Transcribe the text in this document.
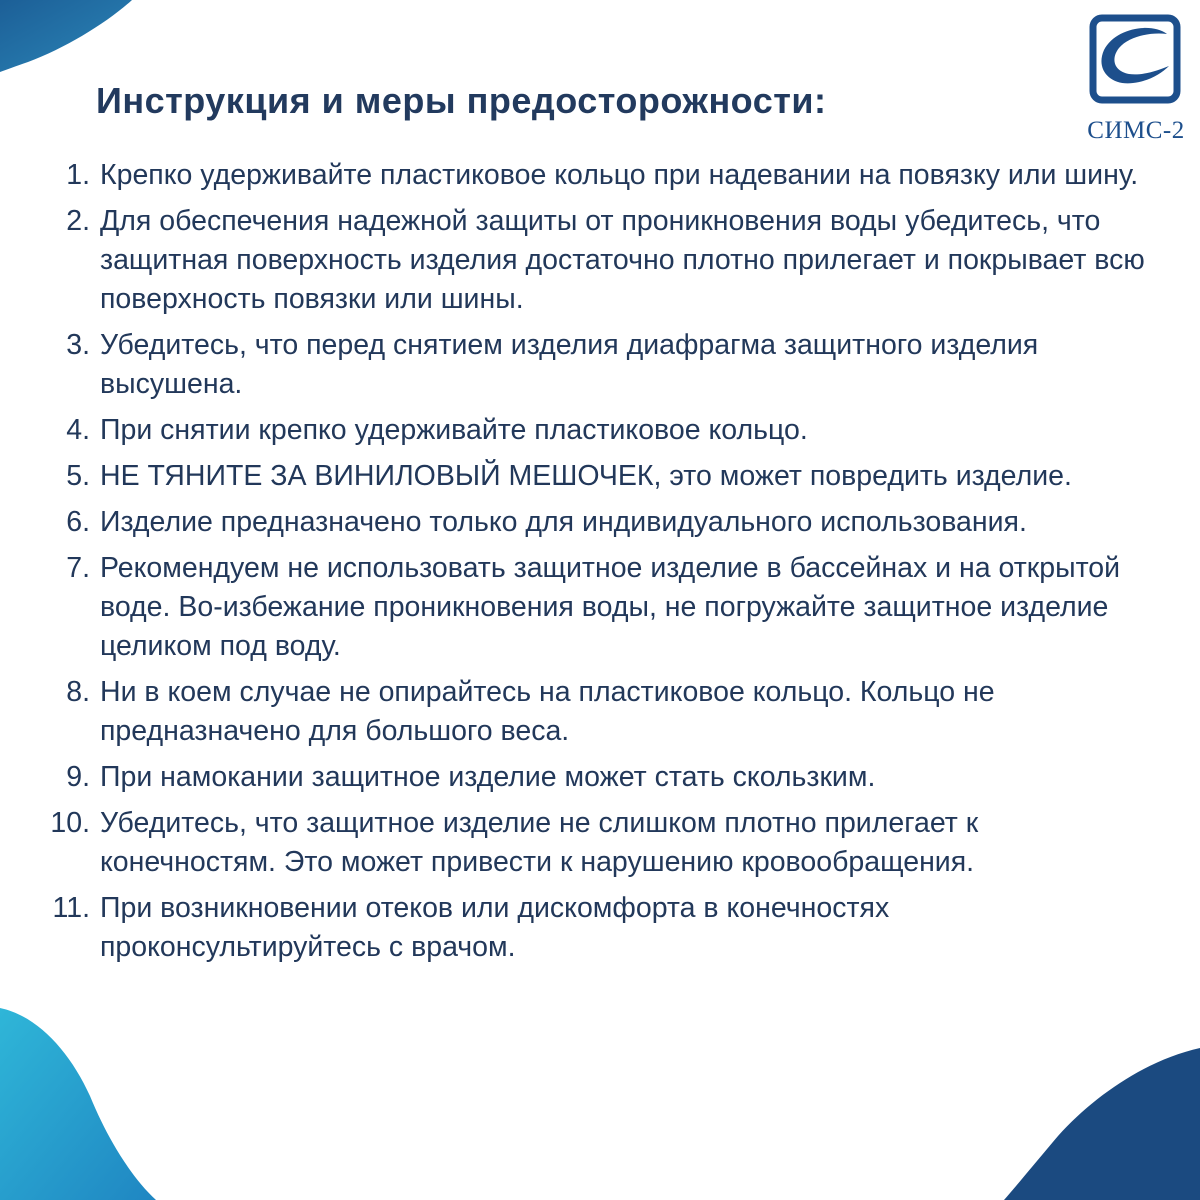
СИМС-2
Инструкция и меры предосторожности:
1. Крепко удерживайте пластиковое кольцо при надевании на повязку или шину.
2. Для обеспечения надежной защиты от проникновения воды убедитесь, что защитная поверхность изделия достаточно плотно прилегает и покрывает всю поверхность повязки или шины.
3. Убедитесь, что перед снятием изделия диафрагма защитного изделия высушена.
4. При снятии крепко удерживайте пластиковое кольцо.
5. НЕ ТЯНИТЕ ЗА ВИНИЛОВЫЙ МЕШОЧЕК, это может повредить изделие.
6. Изделие предназначено только для индивидуального использования.
7. Рекомендуем не использовать защитное изделие в бассейнах и на открытой воде. Во-избежание проникновения воды, не погружайте защитное изделие целиком под воду.
8. Ни в коем случае не опирайтесь на пластиковое кольцо. Кольцо не предназначено для большого веса.
9. При намокании защитное изделие может стать скользким.
10. Убедитесь, что защитное изделие не слишком плотно прилегает к конечностям. Это может привести к нарушению кровообращения.
11. При возникновении отеков или дискомфорта в конечностях проконсультируйтесь с врачом.
